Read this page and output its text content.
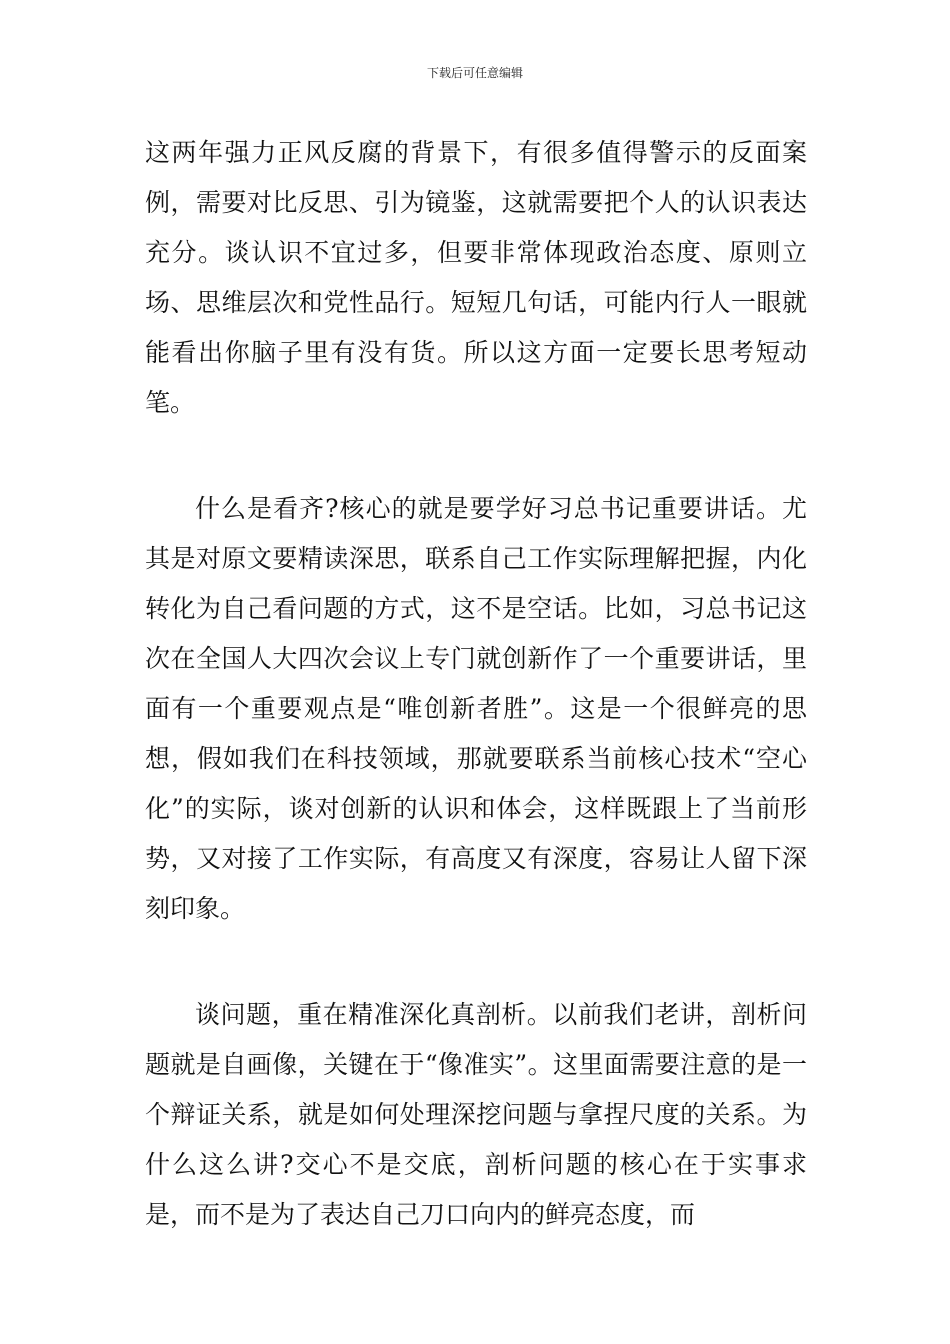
下载后可任意编辑

这两年强力正风反腐的背景下，有很多值得警示的反面案例，需要对比反思、引为镜鉴，这就需要把个人的认识表达充分。谈认识不宜过多，但要非常体现政治态度、原则立场、思维层次和党性品行。短短几句话，可能内行人一眼就能看出你脑子里有没有货。所以这方面一定要长思考短动笔。

什么是看齐?核心的就是要学好习总书记重要讲话。尤其是对原文要精读深思，联系自己工作实际理解把握，内化转化为自己看问题的方式，这不是空话。比如，习总书记这次在全国人大四次会议上专门就创新作了一个重要讲话，里面有一个重要观点是“唯创新者胜”。这是一个很鲜亮的思想，假如我们在科技领域，那就要联系当前核心技术“空心化”的实际，谈对创新的认识和体会，这样既跟上了当前形势，又对接了工作实际，有高度又有深度，容易让人留下深刻印象。

谈问题，重在精准深化真剖析。以前我们老讲，剖析问题就是自画像，关键在于“像准实”。这里面需要注意的是一个辩证关系，就是如何处理深挖问题与拿捏尺度的关系。为什么这么讲?交心不是交底，剖析问题的核心在于实事求是，而不是为了表达自己刀口向内的鲜亮态度，而
